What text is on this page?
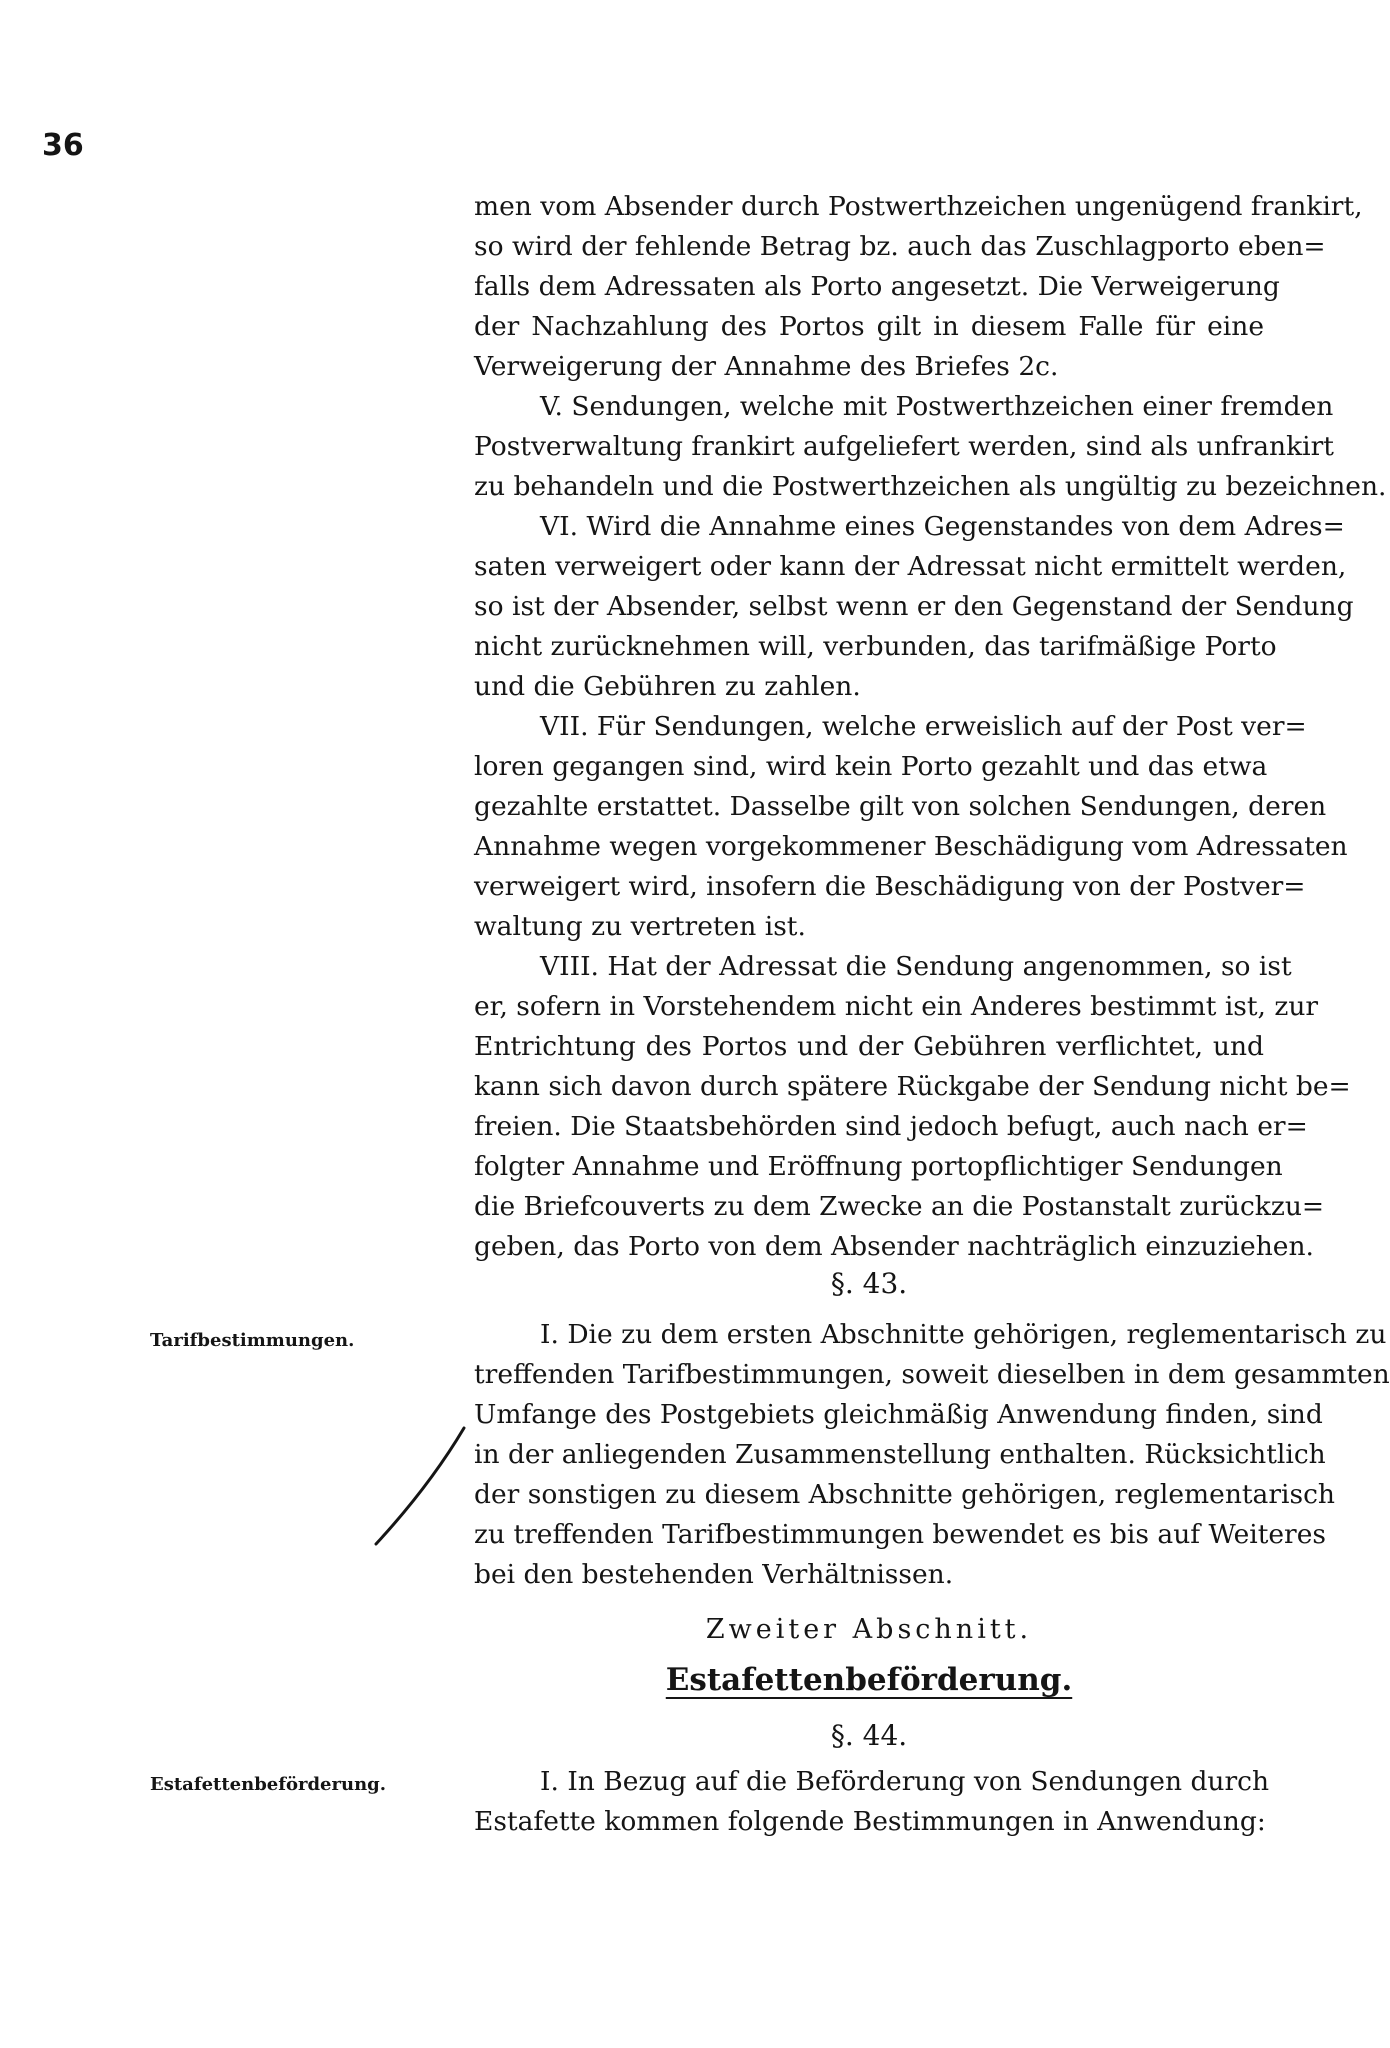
36
men vom Absender durch Postwerthzeichen ungenügend frankirt,
so wird der fehlende Betrag bz. auch das Zuschlagporto eben=
falls dem Adressaten als Porto angesetzt. Die Verweigerung
der Nachzahlung des Portos gilt in diesem Falle für eine
Verweigerung der Annahme des Briefes 2c.
V. Sendungen, welche mit Postwerthzeichen einer fremden
Postverwaltung frankirt aufgeliefert werden, sind als unfrankirt
zu behandeln und die Postwerthzeichen als ungültig zu bezeichnen.
VI. Wird die Annahme eines Gegenstandes von dem Adres=
saten verweigert oder kann der Adressat nicht ermittelt werden,
so ist der Absender, selbst wenn er den Gegenstand der Sendung
nicht zurücknehmen will, verbunden, das tarifmäßige Porto
und die Gebühren zu zahlen.
VII. Für Sendungen, welche erweislich auf der Post ver=
loren gegangen sind, wird kein Porto gezahlt und das etwa
gezahlte erstattet. Dasselbe gilt von solchen Sendungen, deren
Annahme wegen vorgekommener Beschädigung vom Adressaten
verweigert wird, insofern die Beschädigung von der Postver=
waltung zu vertreten ist.
VIII. Hat der Adressat die Sendung angenommen, so ist
er, sofern in Vorstehendem nicht ein Anderes bestimmt ist, zur
Entrichtung des Portos und der Gebühren verflichtet, und
kann sich davon durch spätere Rückgabe der Sendung nicht be=
freien. Die Staatsbehörden sind jedoch befugt, auch nach er=
folgter Annahme und Eröffnung portopflichtiger Sendungen
die Briefcouverts zu dem Zwecke an die Postanstalt zurückzu=
geben, das Porto von dem Absender nachträglich einzuziehen.
§. 43.
Tarifbestimmungen.	I. Die zu dem ersten Abschnitte gehörigen, reglementarisch zu
treffenden Tarifbestimmungen, soweit dieselben in dem gesammten
Umfange des Postgebiets gleichmäßig Anwendung finden, sind
in der anliegenden Zusammenstellung enthalten. Rücksichtlich
der sonstigen zu diesem Abschnitte gehörigen, reglementarisch
zu treffenden Tarifbestimmungen bewendet es bis auf Weiteres
bei den bestehenden Verhältnissen.
Zweiter Abschnitt.
Estafettenbeförderung.
§. 44.
Estafettenbeförderung.	I. In Bezug auf die Beförderung von Sendungen durch
Estafette kommen folgende Bestimmungen in Anwendung:
